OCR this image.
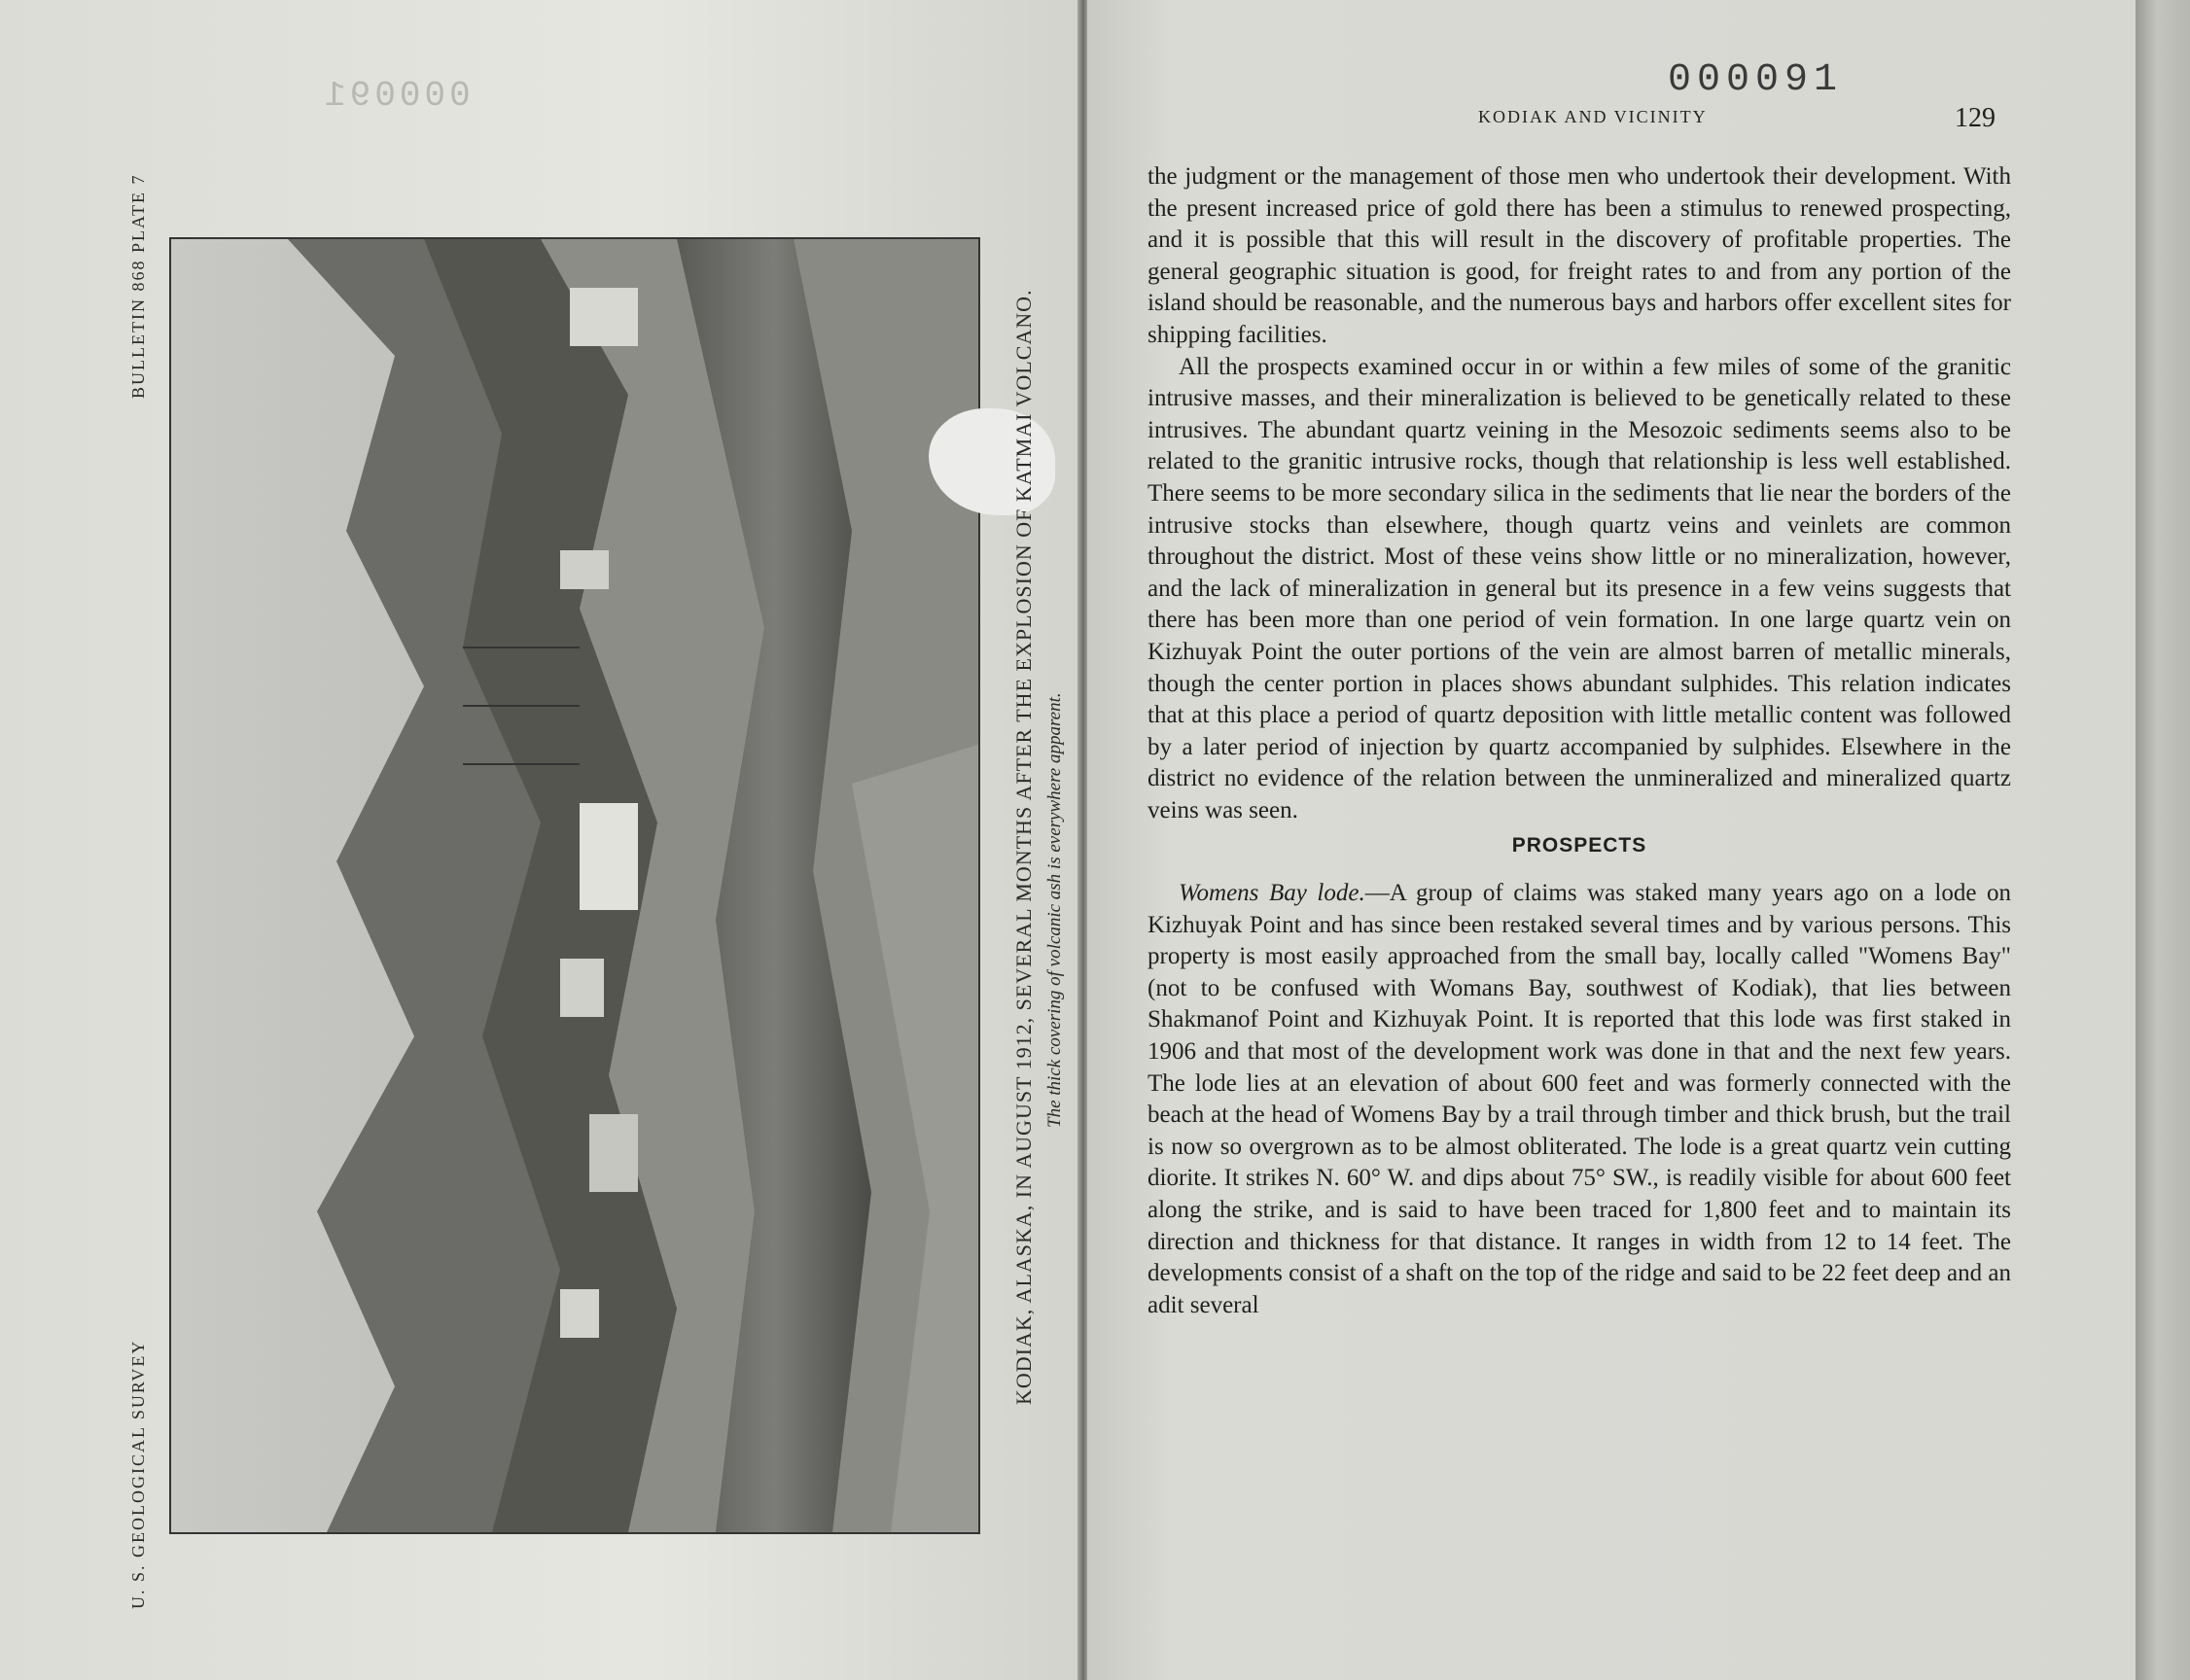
000091
BULLETIN 868 PLATE 7
U. S. GEOLOGICAL SURVEY
KODIAK, ALASKA, IN AUGUST 1912, SEVERAL MONTHS AFTER THE EXPLOSION OF KATMAI VOLCANO. The thick covering of volcanic ash is everywhere apparent.
000091
KODIAK AND VICINITY	129

the judgment or the management of those men who undertook their development. With the present increased price of gold there has been a stimulus to renewed prospecting, and it is possible that this will result in the discovery of profitable properties. The general geographic situation is good, for freight rates to and from any portion of the island should be reasonable, and the numerous bays and harbors offer excellent sites for shipping facilities.

All the prospects examined occur in or within a few miles of some of the granitic intrusive masses, and their mineralization is believed to be genetically related to these intrusives. The abundant quartz veining in the Mesozoic sediments seems also to be related to the granitic intrusive rocks, though that relationship is less well established. There seems to be more secondary silica in the sediments that lie near the borders of the intrusive stocks than elsewhere, though quartz veins and veinlets are common throughout the district. Most of these veins show little or no mineralization, however, and the lack of mineralization in general but its presence in a few veins suggests that there has been more than one period of vein formation. In one large quartz vein on Kizhuyak Point the outer portions of the vein are almost barren of metallic minerals, though the center portion in places shows abundant sulphides. This relation indicates that at this place a period of quartz deposition with little metallic content was followed by a later period of injection by quartz accompanied by sulphides. Elsewhere in the district no evidence of the relation between the unmineralized and mineralized quartz veins was seen.

PROSPECTS

Womens Bay lode.—A group of claims was staked many years ago on a lode on Kizhuyak Point and has since been restaked several times and by various persons. This property is most easily approached from the small bay, locally called "Womens Bay" (not to be confused with Womans Bay, southwest of Kodiak), that lies between Shakmanof Point and Kizhuyak Point. It is reported that this lode was first staked in 1906 and that most of the development work was done in that and the next few years. The lode lies at an elevation of about 600 feet and was formerly connected with the beach at the head of Womens Bay by a trail through timber and thick brush, but the trail is now so overgrown as to be almost obliterated. The lode is a great quartz vein cutting diorite. It strikes N. 60° W. and dips about 75° SW., is readily visible for about 600 feet along the strike, and is said to have been traced for 1,800 feet and to maintain its direction and thickness for that distance. It ranges in width from 12 to 14 feet. The developments consist of a shaft on the top of the ridge and said to be 22 feet deep and an adit several
